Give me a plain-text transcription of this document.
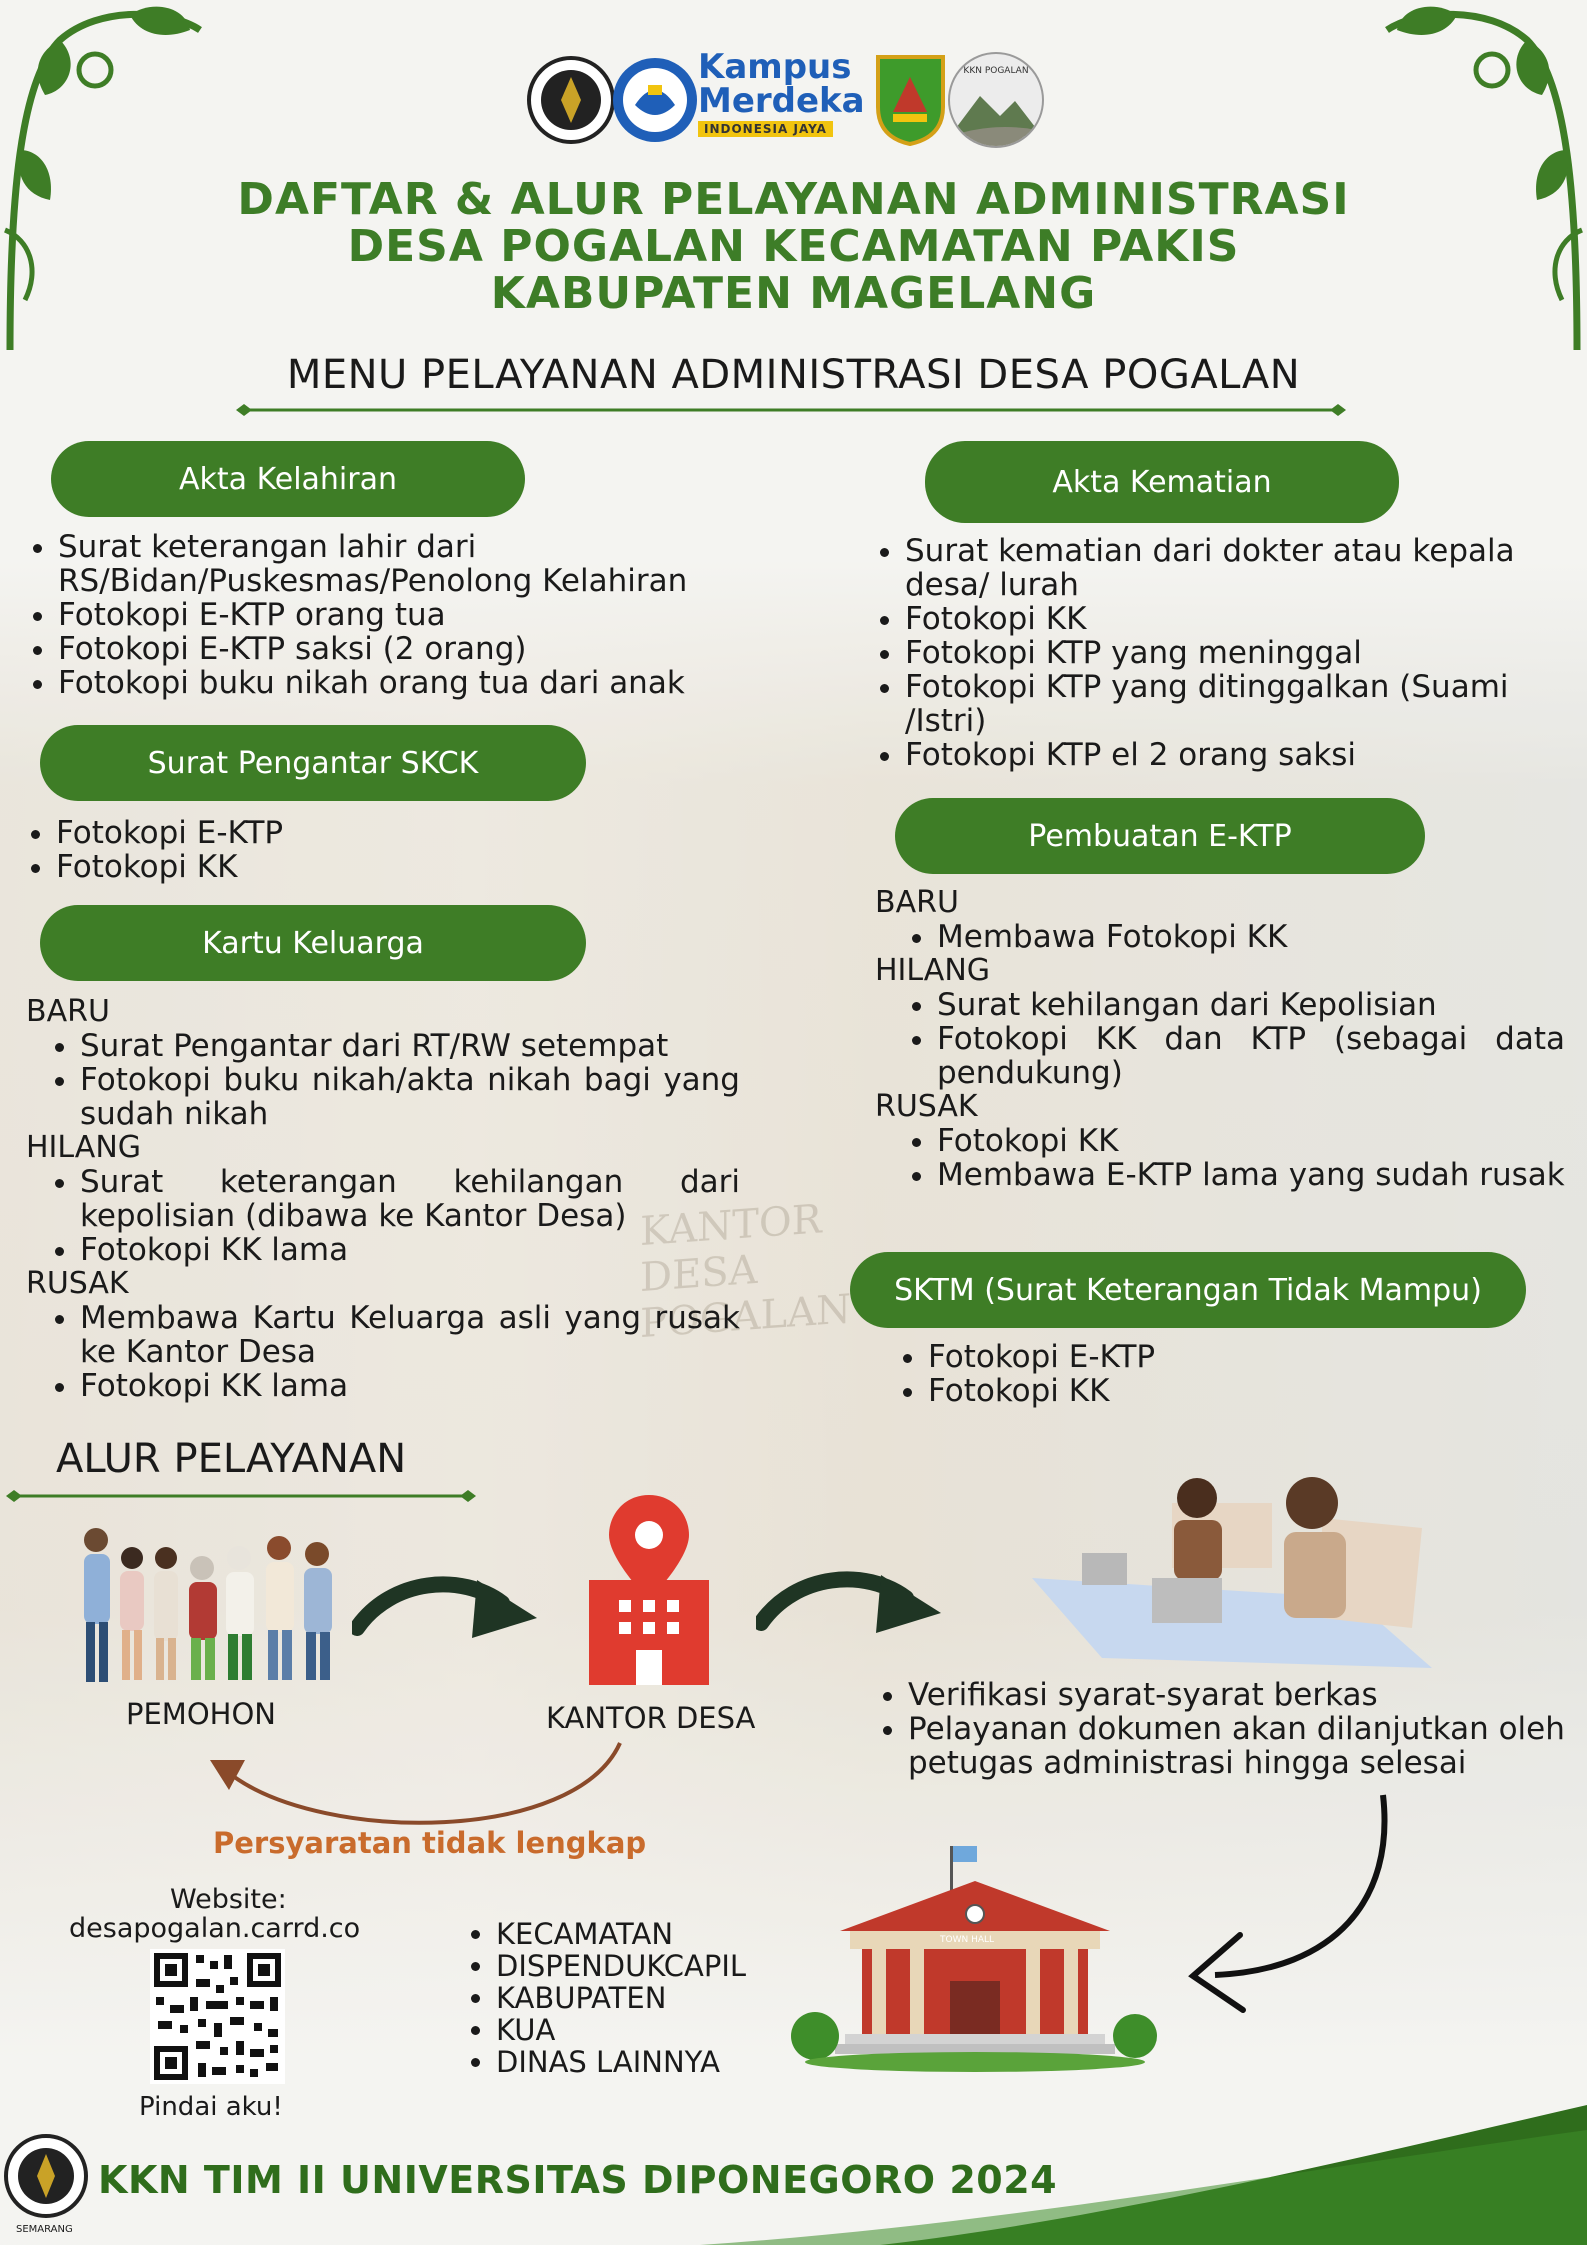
KANTOR DESA POGALAN
Kampus
Merdeka
INDONESIA JAYA
KKN POGALAN
DAFTAR & ALUR PELAYANAN ADMINISTRASI
DESA POGALAN KECAMATAN PAKIS
KABUPATEN MAGELANG
MENU PELAYANAN ADMINISTRASI DESA POGALAN
Akta Kelahiran
• Surat keterangan lahir dari RS/Bidan/Puskesmas/Penolong Kelahiran
• Fotokopi E-KTP orang tua
• Fotokopi E-KTP saksi (2 orang)
• Fotokopi buku nikah orang tua dari anak
Surat Pengantar SKCK
• Fotokopi E-KTP
• Fotokopi KK
Kartu Keluarga
BARU
• Surat Pengantar dari RT/RW setempat
• Fotokopi buku nikah/akta nikah bagi yang sudah nikah
HILANG
• Surat keterangan kehilangan dari kepolisian (dibawa ke Kantor Desa)
• Fotokopi KK lama
RUSAK
• Membawa Kartu Keluarga asli yang rusak ke Kantor Desa
• Fotokopi KK lama
Akta Kematian
• Surat kematian dari dokter atau kepala desa/ lurah
• Fotokopi KK
• Fotokopi KTP yang meninggal
• Fotokopi KTP yang ditinggalkan (Suami /Istri)
• Fotokopi KTP el 2 orang saksi
Pembuatan E-KTP
BARU
• Membawa Fotokopi KK
HILANG
• Surat kehilangan dari Kepolisian
• Fotokopi KK dan KTP (sebagai data pendukung)
RUSAK
• Fotokopi KK
• Membawa E-KTP lama yang sudah rusak
SKTM (Surat Keterangan Tidak Mampu)
• Fotokopi E-KTP
• Fotokopi KK
ALUR PELAYANAN
PEMOHON	KANTOR DESA
• Verifikasi syarat-syarat berkas
• Pelayanan dokumen akan dilanjutkan oleh petugas administrasi hingga selesai
Persyaratan tidak lengkap
Website:
desapogalan.carrd.co
Pindai aku!
• KECAMATAN
• DISPENDUKCAPIL
• KABUPATEN
• KUA
• DINAS LAINNYA
TOWN HALL
SEMARANG
KKN TIM II UNIVERSITAS DIPONEGORO 2024
